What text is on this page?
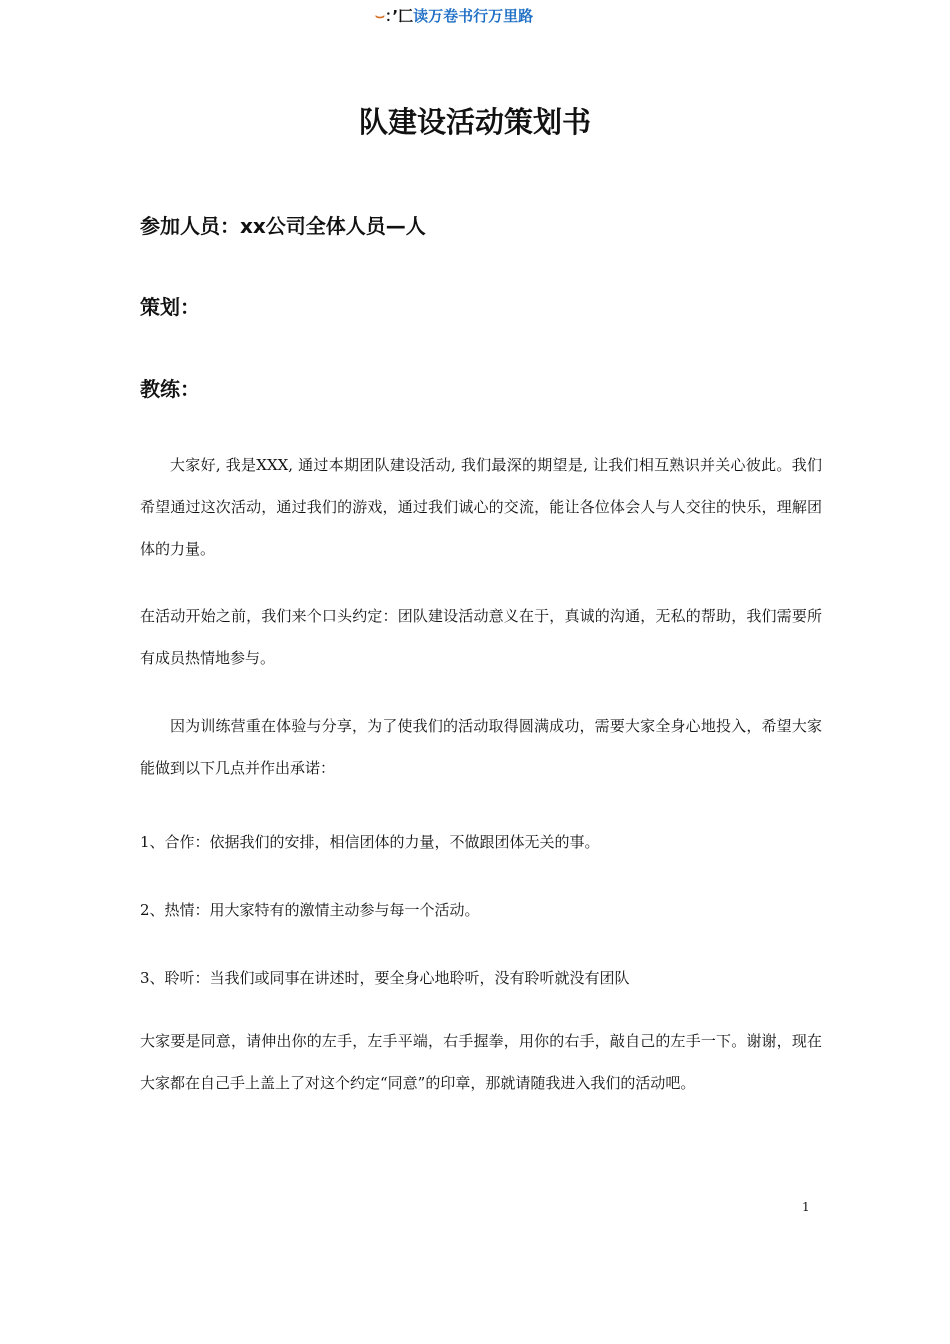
⌣：’⼕读万卷书行万里路
队建设活动策划书
参加人员：xx公司全体人员—人
策划：
教练：

大家好, 我是XXX, 通过本期团队建设活动, 我们最深的期望是, 让我们相互熟识并关心彼此。我们希望通过这次活动，通过我们的游戏，通过我们诚心的交流，能让各位体会人与人交往的快乐，理解团体的力量。

在活动开始之前，我们来个口头约定：团队建设活动意义在于，真诚的沟通，无私的帮助，我们需要所有成员热情地参与。

因为训练营重在体验与分享，为了使我们的活动取得圆满成功，需要大家全身心地投入，希望大家能做到以下几点并作出承诺：

1、合作：依据我们的安排，相信团体的力量，不做跟团体无关的事。
2、热情：用大家特有的激情主动参与每一个活动。
3、聆听：当我们或同事在讲述时，要全身心地聆听，没有聆听就没有团队

大家要是同意，请伸出你的左手，左手平端，右手握拳，用你的右手，敲自己的左手一下。谢谢，现在大家都在自己手上盖上了对这个约定“同意”的印章，那就请随我进入我们的活动吧。

1
